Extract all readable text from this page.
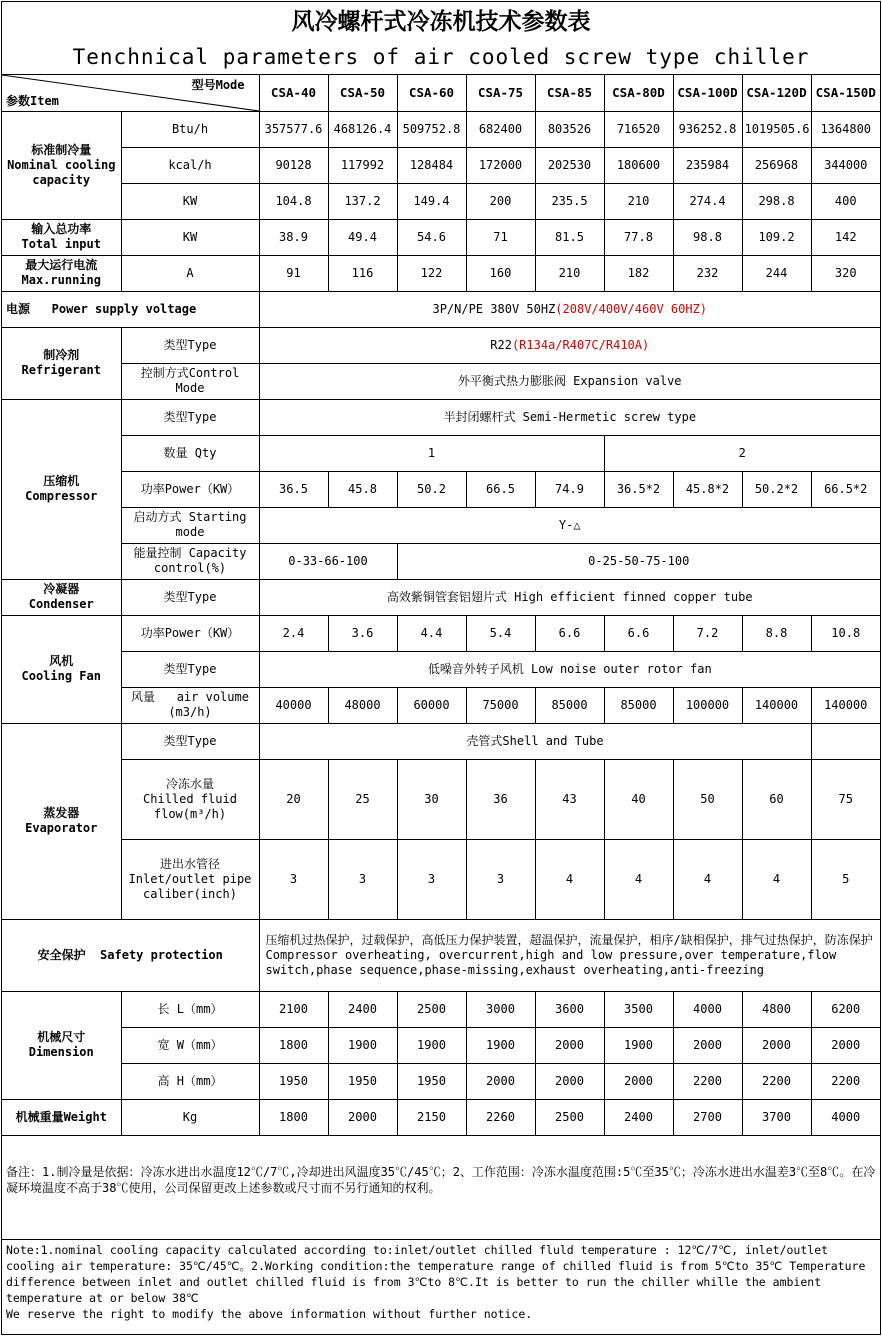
风冷螺杆式冷冻机技术参数表
Tenchnical parameters of air cooled screw type chiller
型号Mode
参数Item		CSA-40	CSA-50	CSA-60	CSA-75	CSA-85	CSA-80D	CSA-100D	CSA-120D	CSA-150D

标准制冷量
Nominal cooling capacity	Btu/h	357577.6	468126.4	509752.8	682400	803526	716520	936252.8	1019505.6	1364800
	kcal/h	90128	117992	128484	172000	202530	180600	235984	256968	344000
	KW	104.8	137.2	149.4	200	235.5	210	274.4	298.8	400

输入总功率
Total input	KW	38.9	49.4	54.6	71	81.5	77.8	98.8	109.2	142

最大运行电流
Max.running	A	91	116	122	160	210	182	232	244	320
电源   Power supply voltage		3P/N/PE 380V 50HZ(208V/400V/460V 60HZ)								

制冷剂
Refrigerant	类型Type	R22(R134a/R407C/R410A)								
	控制方式Control Mode	外平衡式热力膨胀阀 Expansion valve								

压缩机
Compressor	类型Type	半封闭螺杆式 Semi-Hermetic screw type								
	数量 Qty	1					2			
	功率Power（KW）	36.5	45.8	50.2	66.5	74.9	36.5*2	45.8*2	50.2*2	66.5*2
	启动方式 Starting mode	Y-△								
	能量控制 Capacity control(%)	0-33-66-100		0-25-50-75-100						

冷凝器
Condenser	类型Type	高效紫铜管套铝翅片式 High efficient finned copper tube								

风机
Cooling Fan	功率Power（KW）	2.4	3.6	4.4	5.4	6.6	6.6	7.2	8.8	10.8
	类型Type	低噪音外转子风机 Low noise outer rotor fan								
	风量   air volume (m3/h)	40000	48000	60000	75000	85000	85000	100000	140000	140000

蒸发器
Evaporator	类型Type	壳管式Shell and Tube								

	冷冻水量
Chilled fluid flow(m³/h)	20	25	30	36	43	40	50	60	75

	进出水管径
Inlet/outlet pipe caliber(inch)	3	3	3	3	4	4	4	4	5
安全保护  Safety protection		压缩机过热保护，过载保护，高低压力保护装置，超温保护，流量保护，相序/缺相保护，排气过热保护，防冻保护Compressor overheating, overcurrent,high and low pressure,over temperature,flow switch,phase sequence,phase-missing,exhaust overheating,anti-freezing								

机械尺寸
Dimension	长 L（mm）	2100	2400	2500	3000	3600	3500	4000	4800	6200
	宽 W（mm）	1800	1900	1900	1900	2000	1900	2000	2000	2000
	高 H（mm）	1950	1950	1950	2000	2000	2000	2200	2200	2200
机械重量Weight	Kg	1800	2000	2150	2260	2500	2400	2700	3700	4000
备注：1.制冷量是依据：冷冻水进出水温度12℃/7℃,冷却进出风温度35℃/45℃；2、工作范围：冷冻水温度范围:5℃至35℃；冷冻水进出水温差3℃至8℃。在冷凝环境温度不高于38℃使用，公司保留更改上述参数或尺寸而不另行通知的权利。
Note:1.nominal cooling capacity calculated according to:inlet/outlet chilled fluld temperature : 12℃/7℃, inlet/outlet cooling air temperature: 35℃/45℃。2.Working condition:the temperature range of chilled fluid is from 5℃to 35℃ Temperature difference between inlet and outlet chilled fluid is from 3℃to 8℃.It is better to run the chiller whille the ambient temperature at or below 38℃
We reserve the right to modify the above information without further notice.
